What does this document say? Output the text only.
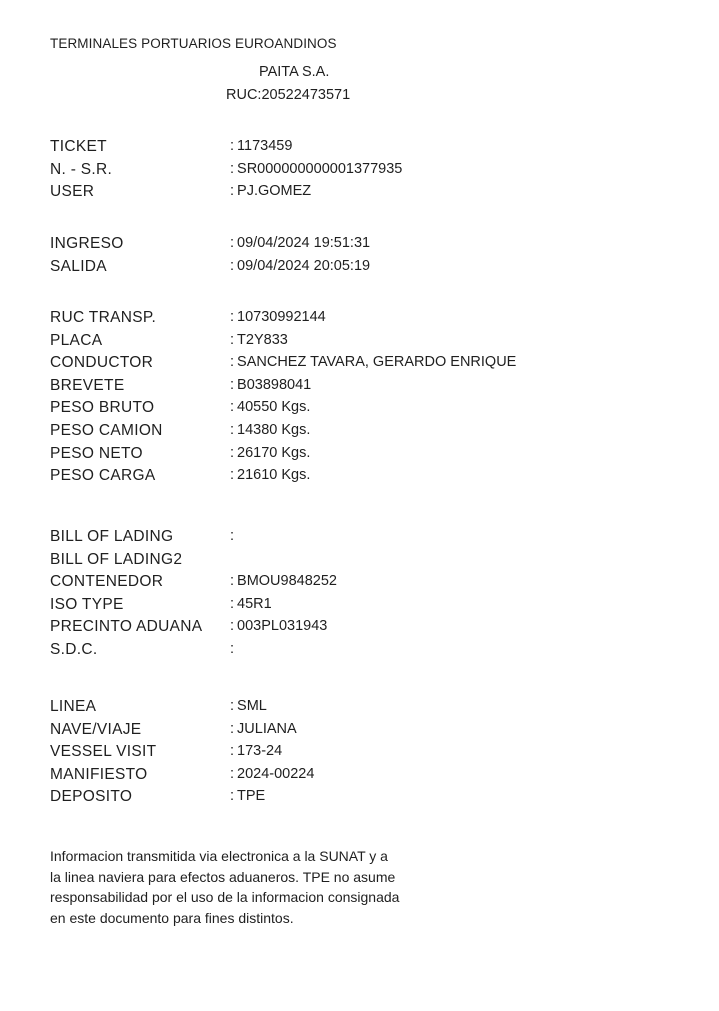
TERMINALES PORTUARIOS EUROANDINOS
PAITA S.A.
RUC:20522473571
TICKET	: 1173459
N. - S.R.	: SR000000000001377935
USER	: PJ.GOMEZ
INGRESO	: 09/04/2024 19:51:31
SALIDA	: 09/04/2024 20:05:19
RUC TRANSP.	: 10730992144
PLACA	: T2Y833
CONDUCTOR	: SANCHEZ TAVARA, GERARDO ENRIQUE
BREVETE	: B03898041
PESO BRUTO	: 40550 Kgs.
PESO CAMION	: 14380 Kgs.
PESO NETO	: 26170 Kgs.
PESO CARGA	: 21610 Kgs.
BILL OF LADING	:
BILL OF LADING2
CONTENEDOR	: BMOU9848252
ISO TYPE	: 45R1
PRECINTO ADUANA : 003PL031943
S.D.C.	:
LINEA	: SML
NAVE/VIAJE	: JULIANA
VESSEL VISIT	: 173-24
MANIFIESTO	: 2024-00224
DEPOSITO	: TPE
Informacion transmitida via electronica a la SUNAT y a
la linea naviera para efectos aduaneros. TPE no asume
responsabilidad por el uso de la informacion consignada
en este documento para fines distintos.
